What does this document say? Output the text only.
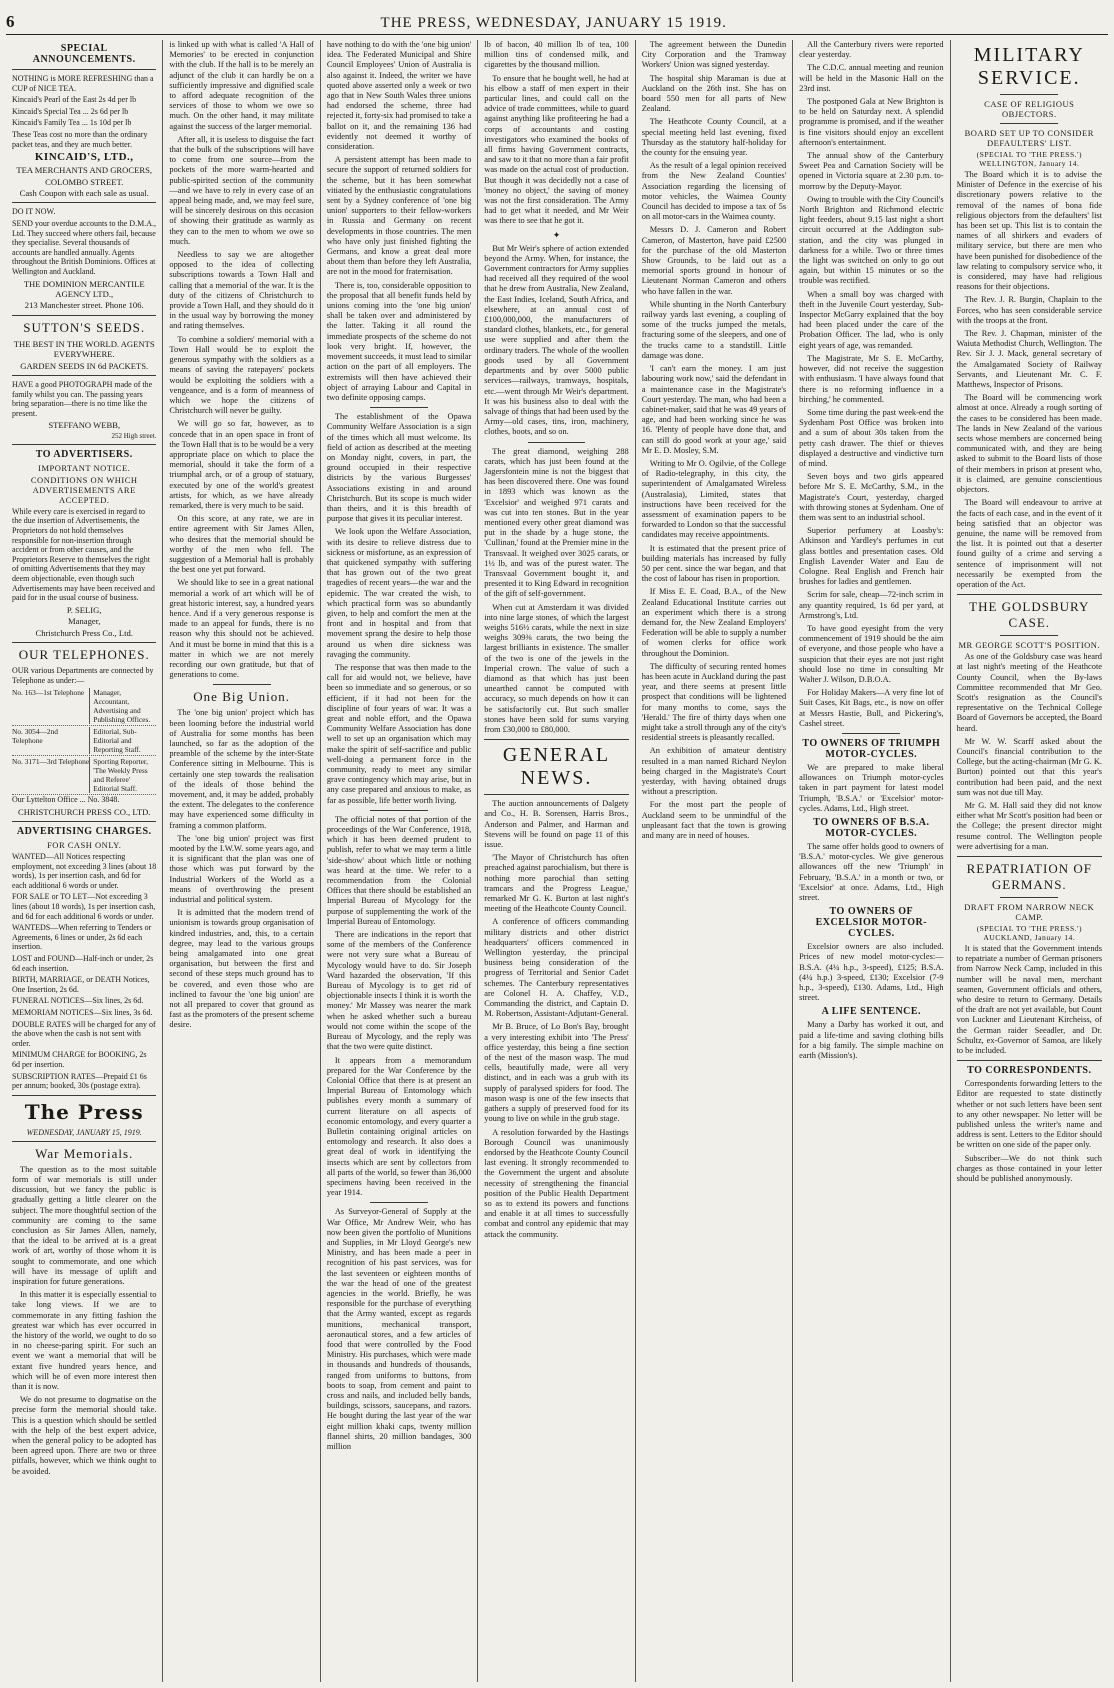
6	THE PRESS, WEDNESDAY, JANUARY 15 1919.
SPECIAL ANNOUNCEMENTS.

NOTHING is MORE REFRESHING than a CUP of NICE TEA.

Kincaid's Pearl of the East 2s 4d per lb
Kincaid's Special Tea ... 2s 6d per lb
Kincaid's Family Tea ... 1s 10d per lb

These Teas cost no more than the ordinary packet teas, and they are much better.

KINCAID'S, LTD.,
TEA MERCHANTS AND GROCERS,
COLOMBO STREET.
Cash Coupon with each sale as usual.
DO IT NOW.

SEND your overdue accounts to the D.M.A., Ltd. They succeed where others fail, because they specialise. Several thousands of accounts are handled annually. Agents throughout the British Dominions. Offices at Wellington and Auckland.

THE DOMINION MERCANTILE AGENCY LTD.,
213 Manchester street. Phone 106.
SUTTON'S SEEDS.
THE BEST IN THE WORLD. AGENTS EVERYWHERE.
GARDEN SEEDS IN 6d PACKETS.

HAVE a good PHOTOGRAPH made of the family whilst you can. The passing years bring separation—there is no time like the present.

STEFFANO WEBB,
252 High street.
TO ADVERTISERS.
IMPORTANT NOTICE.
CONDITIONS ON WHICH ADVERTISEMENTS ARE ACCEPTED.

While every care is exercised in regard to the due insertion of Advertisements, the Proprietors do not hold themselves responsible for non-insertion through accident or from other causes, and the Proprietors Reserve to themselves the right of omitting Advertisements that they may deem objectionable, even though such Advertisements may have been received and paid for in the usual course of business.

P. SELIG,
Manager,
Christchurch Press Co., Ltd.
OUR TELEPHONES.

OUR various Departments are connected by Telephone as under:—

No. 163—1st Telephone	Manager, Accountant, Advertising and Publishing Offices.
No. 3054—2nd Telephone
Editorial, Sub-Editorial and Reporting Staff.
No. 3171—3rd Telephone Sporting Reporter, 'The Weekly Press and Referee' Editorial Staff.
Our Lyttelton Office ... No. 3848.
CHRISTCHURCH PRESS CO., LTD.
ADVERTISING CHARGES.
FOR CASH ONLY.

WANTED—All Notices respecting employment, not exceeding 3 lines (about 18 words), 1s per insertion cash, and 6d for each additional 6 words or under.

FOR SALE or TO LET—Not exceeding 3 lines (about 18 words), 1s per insertion cash, and 6d for each additional 6 words or under.

WANTEDS—When referring to Tenders or Agreements, 6 lines or under, 2s 6d each insertion.

LOST and FOUND—Half-inch or under, 2s 6d each insertion.

BIRTH, MARRIAGE, or DEATH Notices, One Insertion, 2s 6d.

FUNERAL NOTICES—Six lines, 2s 6d.

MEMORIAM NOTICES—Six lines, 3s 6d.

DOUBLE RATES will be charged for any of the above when the cash is not sent with order.

MINIMUM CHARGE for BOOKING, 2s 6d per insertion.

SUBSCRIPTION RATES—Prepaid £1 6s per annum; booked, 30s (postage extra).

The Press
WEDNESDAY, JANUARY 15, 1919.
War Memorials.

The question as to the most suitable form of war memorials is still under discussion, but we fancy the public is gradually getting a little clearer on the subject. The more thoughtful section of the community are coming to the same conclusion as Sir James Allen, namely, that the ideal to be arrived at is a great work of art, worthy of those whom it is sought to commemorate, and one which will have its message of uplift and inspiration for future generations.

In this matter it is especially essential to take long views. If we are to commemorate in any fitting fashion the greatest war which has ever occurred in the history of the world, we ought to do so in no cheese-paring spirit. For such an event we want a memorial that will be extant five hundred years hence, and which will be of even more interest then than it is now.

We do not presume to dogmatise on the precise form the memorial should take. This is a question which should be settled with the help of the best expert advice, when the general policy to be adopted has been agreed upon. There are two or three pitfalls, however, which we think ought to be avoided.

is linked up with what is called 'A Hall of Memories' to be erected in conjunction with the club. If the hall is to be merely an adjunct of the club it can hardly be on a sufficiently impressive and dignified scale to afford adequate recognition of the services of those to whom we owe so much. On the other hand, it may militate against the success of the larger memorial.

After all, it is useless to disguise the fact that the bulk of the subscriptions will have to come from one source—from the pockets of the more warm-hearted and public-spirited section of the community—and we have to rely in every case of an appeal being made, and, we may feel sure, will be sincerely desirous on this occasion of showing their gratitude as warmly as they can to the men to whom we owe so much.

Needless to say we are altogether opposed to the idea of collecting subscriptions towards a Town Hall and calling that a memorial of the war. It is the duty of the citizens of Christchurch to provide a Town Hall, and they should do it in the usual way by borrowing the money and rating themselves.

To combine a soldiers' memorial with a Town Hall would be to exploit the generous sympathy with the soldiers as a means of saving the ratepayers' pockets would be exploiting the soldiers with a vengeance, and is a form of meanness of which we hope the citizens of Christchurch will never be guilty.

We will go so far, however, as to concede that in an open space in front of the Town Hall that is to be would be a very appropriate place on which to place the memorial, should it take the form of a triumphal arch, or of a group of statuary, executed by one of the world's greatest artists, for which, as we have already remarked, there is very much to be said.

On this score, at any rate, we are in entire agreement with Sir James Allen, who desires that the memorial should be worthy of the men who fell. The suggestion of a Memorial hall is probably the best one yet put forward.

We should like to see in a great national memorial a work of art which will be of great historic interest, say, a hundred years hence. And if a very generous response is made to an appeal for funds, there is no reason why this should not be achieved. And it must be borne in mind that this is a matter in which we are not merely recording our own gratitude, but that of generations to come.

One Big Union.

The 'one big union' project which has been looming before the industrial world of Australia for some months has been launched, so far as the adoption of the preamble of the scheme by the inter-State Conference sitting in Melbourne. This is certainly one step towards the realisation of the ideals of those behind the movement, and, it may be added, probably the extent. The delegates to the conference may have experienced some difficulty in framing a common platform.

The 'one big union' project was first mooted by the I.W.W. some years ago, and it is significant that the plan was one of those which was put forward by the Industrial Workers of the World as a means of overthrowing the present industrial and political system.

It is admitted that the modern trend of unionism is towards group organisation of kindred industries, and, this, to a certain degree, may lead to the various groups being amalgamated into one great organisation, but between the first and second of these steps much ground has to be covered, and even those who are inclined to favour the 'one big union' are not all prepared to cover that ground as fast as the promoters of the present scheme desire.

have nothing to do with the 'one big union' idea. The Federated Municipal and Shire Council Employees' Union of Australia is also against it. Indeed, the writer we have quoted above asserted only a week or two ago that in New South Wales three unions had endorsed the scheme, three had rejected it, forty-six had promised to take a ballot on it, and the remaining 136 had evidently not deemed it worthy of consideration.

A persistent attempt has been made to secure the support of returned soldiers for the scheme, but it has been somewhat vitiated by the enthusiastic congratulations sent by a Sydney conference of 'one big union' supporters to their fellow-workers in Russia and Germany on recent developments in those countries. The men who have only just finished fighting the Germans, and know a great deal more about them than before they left Australia, are not in the mood for fraternisation.

There is, too, considerable opposition to the proposal that all benefit funds held by unions coming into the 'one big union' shall be taken over and administered by the latter. Taking it all round the immediate prospects of the scheme do not look very bright. If, however, the movement succeeds, it must lead to similar action on the part of all employers. The extremists will then have achieved their object of arraying Labour and Capital in two definite opposing camps.

The establishment of the Opawa Community Welfare Association is a sign of the times which all must welcome. Its field of action as described at the meeting on Monday night, covers, in part, the ground occupied in their respective districts by the various Burgesses' Associations existing in and around Christchurch. But its scope is much wider than theirs, and it is this breadth of purpose that gives it its peculiar interest.

We look upon the Welfare Association, with its desire to relieve distress due to sickness or misfortune, as an expression of that quickened sympathy with suffering that has grown out of the two great tragedies of recent years—the war and the epidemic. The war created the wish, to which practical form was so abundantly given, to help and comfort the men at the front and in hospital and from that movement sprang the desire to help those around us when dire sickness was ravaging the community.

The response that was then made to the call for aid would not, we believe, have been so immediate and so generous, or so efficient, if it had not been for the discipline of four years of war. It was a great and noble effort, and the Opawa Community Welfare Association has done well to set up an organisation which may make the spirit of self-sacrifice and public well-doing a permanent force in the community, ready to meet any similar grave contingency which may arise, but in any case prepared and anxious to make, as far as possible, life better worth living.

The official notes of that portion of the proceedings of the War Conference, 1918, which it has been deemed prudent to publish, refer to what we may term a little 'side-show' about which little or nothing was heard at the time. We refer to a recommendation from the Colonial Offices that there should be established an Imperial Bureau of Mycology for the purpose of supplementing the work of the Imperial Bureau of Entomology.

There are indications in the report that some of the members of the Conference were not very sure what a Bureau of Mycology would have to do. Sir Joseph Ward hazarded the observation, 'If this Bureau of Mycology is to get rid of objectionable insects I think it is worth the money.' Mr Massey was nearer the mark when he asked whether such a bureau would not come within the scope of the Bureau of Mycology, and the reply was that the two were quite distinct.

It appears from a memorandum prepared for the War Conference by the Colonial Office that there is at present an Imperial Bureau of Entomology which publishes every month a summary of current literature on all aspects of economic entomology, and every quarter a Bulletin containing original articles on entomology and research. It also does a great deal of work in identifying the insects which are sent by collectors from all parts of the world, so fewer than 36,000 specimens having been received in the year 1914.

As Surveyor-General of Supply at the War Office, Mr Andrew Weir, who has now been given the portfolio of Munitions and Supplies, in Mr Lloyd George's new Ministry, and has been made a peer in recognition of his past services, was for the last seventeen or eighteen months of the war the head of one of the greatest agencies in the world. Briefly, he was responsible for the purchase of everything that the Army wanted, except as regards munitions, mechanical transport, aeronautical stores, and a few articles of food that were controlled by the Food Ministry. His purchases, which were made in thousands and hundreds of thousands, ranged from uniforms to buttons, from boots to soap, from cement and paint to cross and nails, and included belly bands, buildings, scissors, saucepans, and razors. He bought during the last year of the war eight million khaki caps, twenty million flannel shirts, 20 million bandages, 300 million

lb of bacon, 40 million lb of tea, 100 million tins of condensed milk, and cigarettes by the thousand million.

To ensure that he bought well, he had at his elbow a staff of men expert in their particular lines, and could call on the advice of trade committees, while to guard against anything like profiteering he had a corps of accountants and costing investigators who examined the books of all firms having Government contracts, and saw to it that no more than a fair profit was made on the actual cost of production. But though it was decidedly not a case of 'money no object,' the saving of money was not the first consideration. The Army had to get what it needed, and Mr Weir was there to see that he got it.

✦

But Mr Weir's sphere of action extended beyond the Army. When, for instance, the Government contractors for Army supplies had received all they required of the wool that he drew from Australia, New Zealand, the East Indies, Iceland, South Africa, and elsewhere, at an annual cost of £100,000,000, the manufacturers of standard clothes, blankets, etc., for general use were supplied and after them the ordinary traders. The whole of the woollen goods used by all Government departments and by over 5000 public services—railways, tramways, hospitals, etc.—went through Mr Weir's department. It was his business also to deal with the salvage of things that had been used by the Army—old cases, tins, iron, machinery, clothes, boots, and so on.

The great diamond, weighing 288 carats, which has just been found at the Jagersfontein mine is not the biggest that has been discovered there. One was found in 1893 which was known as the 'Excelsior' and weighed 971 carats and was cut into ten stones. But in the year mentioned every other great diamond was put in the shade by a huge stone, the 'Cullinan,' found at the Premier mine in the Transvaal. It weighed over 3025 carats, or 1½ lb, and was of the purest water. The Transvaal Government bought it, and presented it to King Edward in recognition of the gift of self-government.

When cut at Amsterdam it was divided into nine large stones, of which the largest weighs 516½ carats, while the next in size weighs 309⅜ carats, the two being the largest brilliants in existence. The smaller of the two is one of the jewels in the Imperial crown. The value of such a diamond as that which has just been unearthed cannot be computed with accuracy, so much depends on how it can be satisfactorily cut. But such smaller stones have been sold for sums varying from £30,000 to £80,000.

GENERAL NEWS.

The auction announcements of Dalgety and Co., H. B. Sorensen, Harris Bros., Anderson and Palmer, and Harman and Stevens will be found on page 11 of this issue.

'The Mayor of Christchurch has often preached against parochialism, but there is nothing more parochial than setting tramcars and the Progress League,' remarked Mr G. K. Burton at last night's meeting of the Heathcote County Council.

A conference of officers commanding military districts and other district headquarters' officers commenced in Wellington yesterday, the principal business being consideration of the progress of Territorial and Senior Cadet schemes. The Canterbury representatives are Colonel H. A. Chaffey, V.D., Commanding the district, and Captain D. M. Robertson, Assistant-Adjutant-General.

Mr B. Bruce, of Lo Bon's Bay, brought a very interesting exhibit into 'The Press' office yesterday, this being a fine section of the nest of the mason wasp. The mud cells, beautifully made, were all very distinct, and in each was a grub with its supply of paralysed spiders for food. The mason wasp is one of the few insects that gathers a supply of preserved food for its young to live on while in the grub stage.

A resolution forwarded by the Hastings Borough Council was unanimously endorsed by the Heathcote County Council last evening. It strongly recommended to the Government the urgent and absolute necessity of strengthening the financial position of the Public Health Department so as to extend its powers and functions and enable it at all times to successfully combat and control any epidemic that may attack the community.

The agreement between the Dunedin City Corporation and the Tramway Workers' Union was signed yesterday.

The hospital ship Maraman is due at Auckland on the 26th inst. She has on board 550 men for all parts of New Zealand.

The Heathcote County Council, at a special meeting held last evening, fixed Thursday as the statutory half-holiday for the county for the ensuing year.

As the result of a legal opinion received from the New Zealand Counties' Association regarding the licensing of motor vehicles, the Waimea County Council has decided to impose a tax of 5s on all motor-cars in the Waimea county.

Messrs D. J. Cameron and Robert Cameron, of Masterton, have paid £2500 for the purchase of the old Masterton Show Grounds, to be laid out as a memorial sports ground in honour of Lieutenant Norman Cameron and others who have fallen in the war.

While shunting in the North Canterbury railway yards last evening, a coupling of some of the trucks jumped the metals, fracturing some of the sleepers, and one of the trucks came to a standstill. Little damage was done.

'I can't earn the money. I am just labouring work now,' said the defendant in a maintenance case in the Magistrate's Court yesterday. The man, who had been a cabinet-maker, said that he was 49 years of age, and had been working since he was 16. 'Plenty of people have done that, and can still do good work at your age,' said Mr E. D. Mosley, S.M.

Writing to Mr O. Ogilvie, of the College of Radio-telegraphy, in this city, the superintendent of Amalgamated Wireless (Australasia), Limited, states that instructions have been received for the assessment of examination papers to be forwarded to London so that the successful candidates may receive appointments.

It is estimated that the present price of building materials has increased by fully 50 per cent. since the war began, and that the cost of labour has risen in proportion.

If Miss E. E. Coad, B.A., of the New Zealand Educational Institute carries out an experiment which there is a strong demand for, the New Zealand Employers' Federation will be able to supply a number of women clerks for office work throughout the Dominion.

The difficulty of securing rented homes has been acute in Auckland during the past year, and there seems at present little prospect that conditions will be lightened for many months to come, says the 'Herald.' The fire of thirty days when one might take a stroll through any of the city's residential streets is pleasantly recalled.

An exhibition of amateur dentistry resulted in a man named Richard Neylon being charged in the Magistrate's Court yesterday, with having obtained drugs without a prescription.

For the most part the people of Auckland seem to be unmindful of the unpleasant fact that the town is growing and many are in need of houses.

All the Canterbury rivers were reported clear yesterday.

The C.D.C. annual meeting and reunion will be held in the Masonic Hall on the 23rd inst.

The postponed Gala at New Brighton is to be held on Saturday next. A splendid programme is promised, and if the weather is fine visitors should enjoy an excellent afternoon's entertainment.

The annual show of the Canterbury Sweet Pea and Carnation Society will be opened in Victoria square at 2.30 p.m. to-morrow by the Deputy-Mayor.

Owing to trouble with the City Council's North Brighton and Richmond electric light feeders, about 9.15 last night a short circuit occurred at the Addington sub-station, and the city was plunged in darkness for a while. Two or three times the light was switched on only to go out again, but within 15 minutes or so the trouble was rectified.

When a small boy was charged with theft in the Juvenile Court yesterday, Sub-Inspector McGarry explained that the boy had been placed under the care of the Probation Officer. The lad, who is only eight years of age, was remanded.

The Magistrate, Mr S. E. McCarthy, however, did not receive the suggestion with enthusiasm. 'I have always found that there is no reforming influence in a birching,' he commented.

Some time during the past week-end the Sydenham Post Office was broken into and a sum of about 30s taken from the petty cash drawer. The thief or thieves displayed a destructive and vindictive turn of mind.

Seven boys and two girls appeared before Mr S. E. McCarthy, S.M., in the Magistrate's Court, yesterday, charged with throwing stones at Sydenham. One of them was sent to an industrial school.

Superior perfumery at Loasby's: Atkinson and Yardley's perfumes in cut glass bottles and presentation cases. Old English Lavender Water and Eau de Cologne. Real English and French hair brushes for ladies and gentlemen.

Scrim for sale, cheap—72-inch scrim in any quantity required, 1s 6d per yard, at Armstrong's, Ltd.

To have good eyesight from the very commencement of 1919 should be the aim of everyone, and those people who have a suspicion that their eyes are not just right should lose no time in consulting Mr Walter J. Wilson, D.B.O.A.

For Holiday Makers—A very fine lot of Suit Cases, Kit Bags, etc., is now on offer at Messrs Hastie, Bull, and Pickering's, Cashel street.

TO OWNERS OF TRIUMPH MOTOR-CYCLES.

We are prepared to make liberal allowances on Triumph motor-cycles taken in part payment for latest model Triumph, 'B.S.A.' or 'Excelsior' motor-cycles. Adams, Ltd., High street.

TO OWNERS OF B.S.A. MOTOR-CYCLES.

The same offer holds good to owners of 'B.S.A.' motor-cycles. We give generous allowances off the new 'Triumph' in February, 'B.S.A.' in a month or two, or 'Excelsior' at once. Adams, Ltd., High street.

TO OWNERS OF EXCELSIOR MOTOR-CYCLES.

Excelsior owners are also included. Prices of new model motor-cycles:—B.S.A. (4¼ h.p., 3-speed), £125; B.S.A. (4¼ h.p.) 3-speed, £130; Excelsior (7-9 h.p., 3-speed), £130. Adams, Ltd., High street.

A LIFE SENTENCE.

Many a Darby has worked it out, and paid a life-time and saving clothing bills for a big family. The simple machine on earth (Mission's).

MILITARY SERVICE.
CASE OF RELIGIOUS OBJECTORS.
BOARD SET UP TO CONSIDER DEFAULTERS' LIST.
(SPECIAL TO 'THE PRESS.') WELLINGTON, January 14.

The Board which it is to advise the Minister of Defence in the exercise of his discretionary powers relative to the removal of the names of bona fide religious objectors from the defaulters' list has been set up. This list is to contain the names of all shirkers and evaders of military service, but there are men who have been punished for disobedience of the law relating to compulsory service who, it is considered, may have had religious reasons for their objections.

The Rev. J. R. Burgin, Chaplain to the Forces, who has seen considerable service with the troops at the front.

The Rev. J. Chapman, minister of the Waiuta Methodist Church, Wellington. The Rev. Sir J. J. Mack, general secretary of the Amalgamated Society of Railway Servants, and Lieutenant Mr. C. F. Matthews, Inspector of Prisons.

The Board will be commencing work almost at once. Already a rough sorting of the cases to be considered has been made. The lands in New Zealand of the various sects whose members are concerned being communicated with, and they are being asked to submit to the Board lists of those of their members in prison at present who, it is claimed, are genuine conscientious objectors.

The Board will endeavour to arrive at the facts of each case, and in the event of it being satisfied that an objector was genuine, the name will be removed from the list. It is pointed out that a deserter found guilty of a crime and serving a sentence of imprisonment will not necessarily be exempted from the operation of the Act.

THE GOLDSBURY CASE.
MR GEORGE SCOTT'S POSITION.

As one of the Goldsbury case was heard at last night's meeting of the Heathcote County Council, when the By-laws Committee recommended that Mr Geo. Scott's resignation as the Council's representative on the Technical College Board of Governors be accepted, the Board heard.

Mr W. W. Scarff asked about the Council's financial contribution to the College, but the acting-chairman (Mr G. K. Burton) pointed out that this year's contribution had been paid, and the next sum was not due till May.

Mr G. M. Hall said they did not know either what Mr Scott's position had been or the College; the present director might resume control. The Wellington people were advertising for a man.

REPATRIATION OF GERMANS.
DRAFT FROM NARROW NECK CAMP.
(SPECIAL TO 'THE PRESS.') AUCKLAND, January 14.

It is stated that the Government intends to repatriate a number of German prisoners from Narrow Neck Camp, included in this number will be naval men, merchant seamen, Government officials and others, who desire to return to Germany. Details of the draft are not yet available, but Count von Luckner and Lieutenant Kircheiss, of the German raider Seeadler, and Dr. Schultz, ex-Governor of Samoa, are likely to be included.

TO CORRESPONDENTS.

Correspondents forwarding letters to the Editor are requested to state distinctly whether or not such letters have been sent to any other newspaper. No letter will be published unless the writer's name and address is sent. Letters to the Editor should be written on one side of the paper only.

Subscriber—We do not think such charges as those contained in your letter should be published anonymously.
